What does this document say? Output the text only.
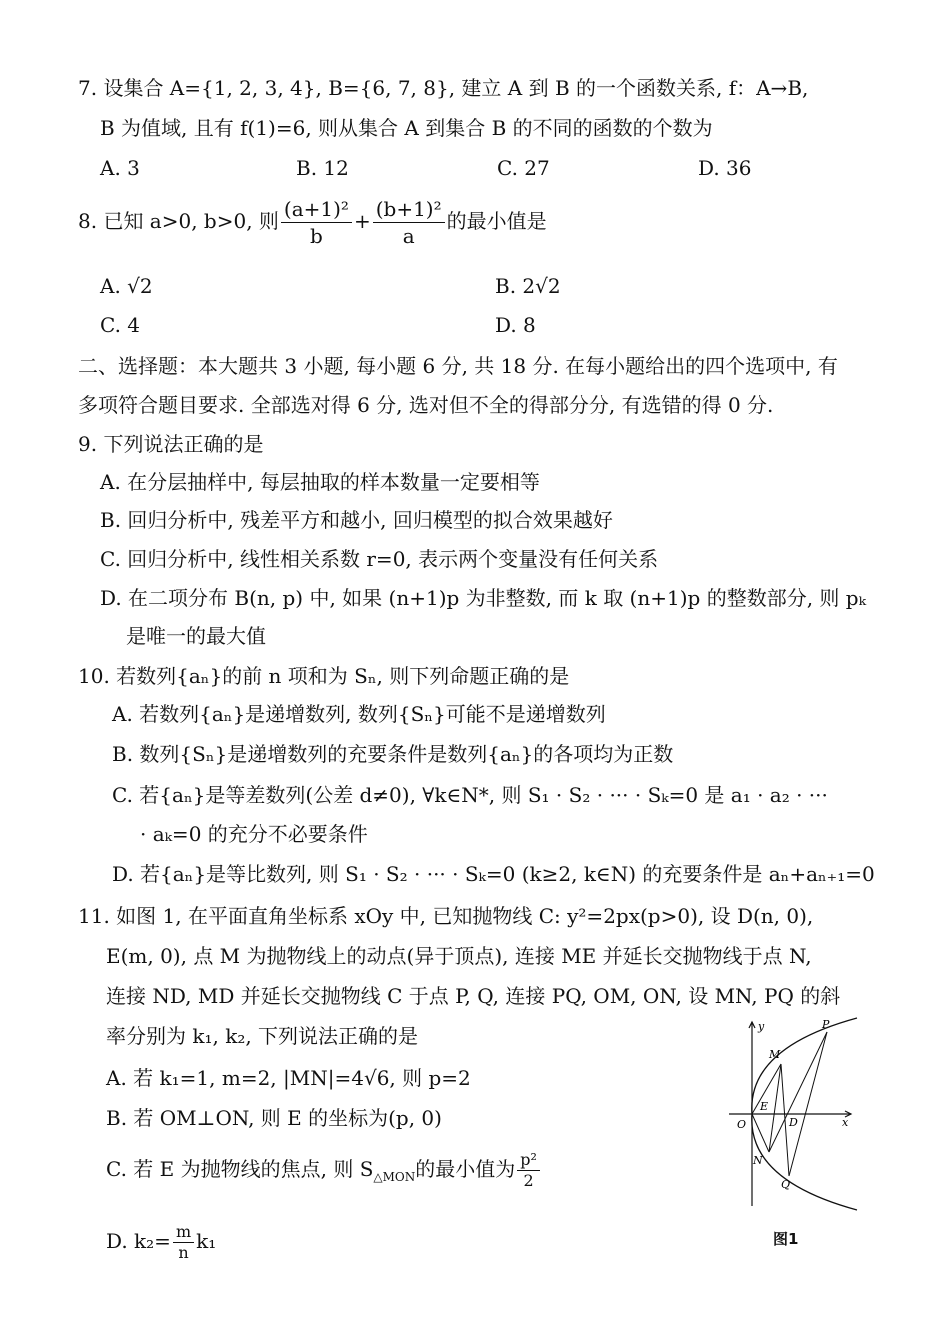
7. 设集合 A={1, 2, 3, 4}, B={6, 7, 8}, 建立 A 到 B 的一个函数关系, f：A→B,
B 为值域, 且有 f(1)=6, 则从集合 A 到集合 B 的不同的函数的个数为
A. 3	B. 12	C. 27	D. 36
8. 已知 a>0, b>0, 则 $\frac{\text{(a+1)²}}{b} + \frac{\text{(b+1)²}}{a}$ 的最小值是
A. √2	B. 2√2
C. 4	D. 8
二、选择题：本大题共 3 小题, 每小题 6 分, 共 18 分. 在每小题给出的四个选项中, 有
多项符合题目要求. 全部选对得 6 分, 选对但不全的得部分分, 有选错的得 0 分.
9. 下列说法正确的是
A. 在分层抽样中, 每层抽取的样本数量一定要相等
B. 回归分析中, 残差平方和越小, 回归模型的拟合效果越好
C. 回归分析中, 线性相关系数 r=0, 表示两个变量没有任何关系
D. 在二项分布 B(n, p) 中, 如果 (n+1)p 为非整数, 而 k 取 (n+1)p 的整数部分, 则 pₖ
是唯一的最大值
10. 若数列{aₙ}的前 n 项和为 Sₙ, 则下列命题正确的是
A. 若数列{aₙ}是递增数列, 数列{Sₙ}可能不是递增数列
B. 数列{Sₙ}是递增数列的充要条件是数列{aₙ}的各项均为正数
C. 若{aₙ}是等差数列(公差 d≠0), ∀k∈N*, 则 S₁ · S₂ · ··· · Sₖ=0 是 a₁ · a₂ · ···
· aₖ=0 的充分不必要条件
D. 若{aₙ}是等比数列, 则 S₁ · S₂ · ··· · Sₖ=0 (k≥2, k∈N) 的充要条件是 aₙ+aₙ₊₁=0
11. 如图 1, 在平面直角坐标系 xOy 中, 已知抛物线 C: y²=2px(p>0), 设 D(n, 0),
E(m, 0), 点 M 为抛物线上的动点(异于顶点), 连接 ME 并延长交抛物线于点 N,
连接 ND, MD 并延长交抛物线 C 于点 P, Q, 连接 PQ, OM, ON, 设 MN, PQ 的斜
率分别为 k₁, k₂, 下列说法正确的是
A. 若 k₁=1, m=2, |MN|=4√6, 则 p=2
B. 若 OM⊥ON, 则 E 的坐标为(p, 0)
C. 若 E 为抛物线的焦点, 则 $S_{\triangle MON}$的最小值为 $\frac{\text{p²}}{2}$
D. $k_2= \frac{m}{n} k_1$
y
x
O
E
D
M
N
P
Q
图1
